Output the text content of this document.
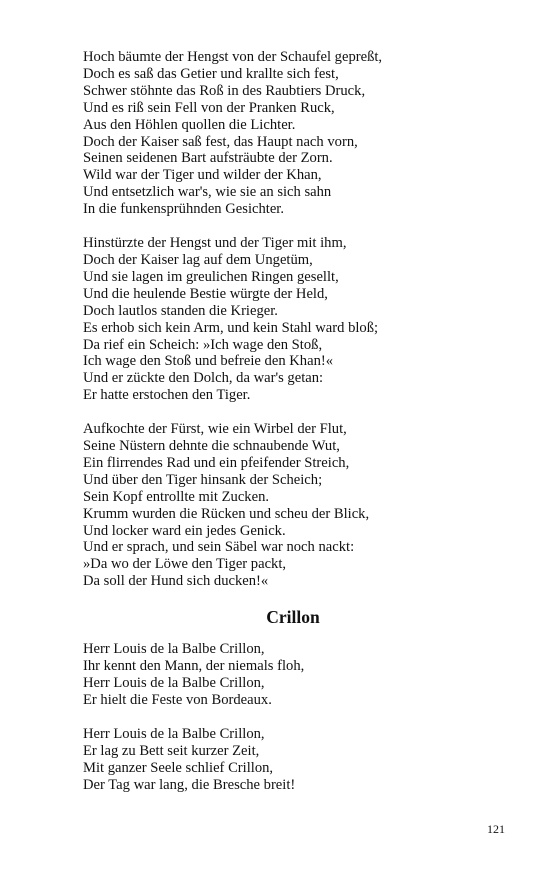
Hoch bäumte der Hengst von der Schaufel gepreßt,
Doch es saß das Getier und krallte sich fest,
Schwer stöhnte das Roß in des Raubtiers Druck,
Und es riß sein Fell von der Pranken Ruck,
Aus den Höhlen quollen die Lichter.
Doch der Kaiser saß fest, das Haupt nach vorn,
Seinen seidenen Bart aufsträubte der Zorn.
Wild war der Tiger und wilder der Khan,
Und entsetzlich war's, wie sie an sich sahn
In die funkensprühnden Gesichter.
Hinstürzte der Hengst und der Tiger mit ihm,
Doch der Kaiser lag auf dem Ungetüm,
Und sie lagen im greulichen Ringen gesellt,
Und die heulende Bestie würgte der Held,
Doch lautlos standen die Krieger.
Es erhob sich kein Arm, und kein Stahl ward bloß;
Da rief ein Scheich: »Ich wage den Stoß,
Ich wage den Stoß und befreie den Khan!«
Und er zückte den Dolch, da war's getan:
Er hatte erstochen den Tiger.
Aufkochte der Fürst, wie ein Wirbel der Flut,
Seine Nüstern dehnte die schnaubende Wut,
Ein flirrendes Rad und ein pfeifender Streich,
Und über den Tiger hinsank der Scheich;
Sein Kopf entrollte mit Zucken.
Krumm wurden die Rücken und scheu der Blick,
Und locker ward ein jedes Genick.
Und er sprach, und sein Säbel war noch nackt:
»Da wo der Löwe den Tiger packt,
Da soll der Hund sich ducken!«
Crillon
Herr Louis de la Balbe Crillon,
Ihr kennt den Mann, der niemals floh,
Herr Louis de la Balbe Crillon,
Er hielt die Feste von Bordeaux.
Herr Louis de la Balbe Crillon,
Er lag zu Bett seit kurzer Zeit,
Mit ganzer Seele schlief Crillon,
Der Tag war lang, die Bresche breit!
121
